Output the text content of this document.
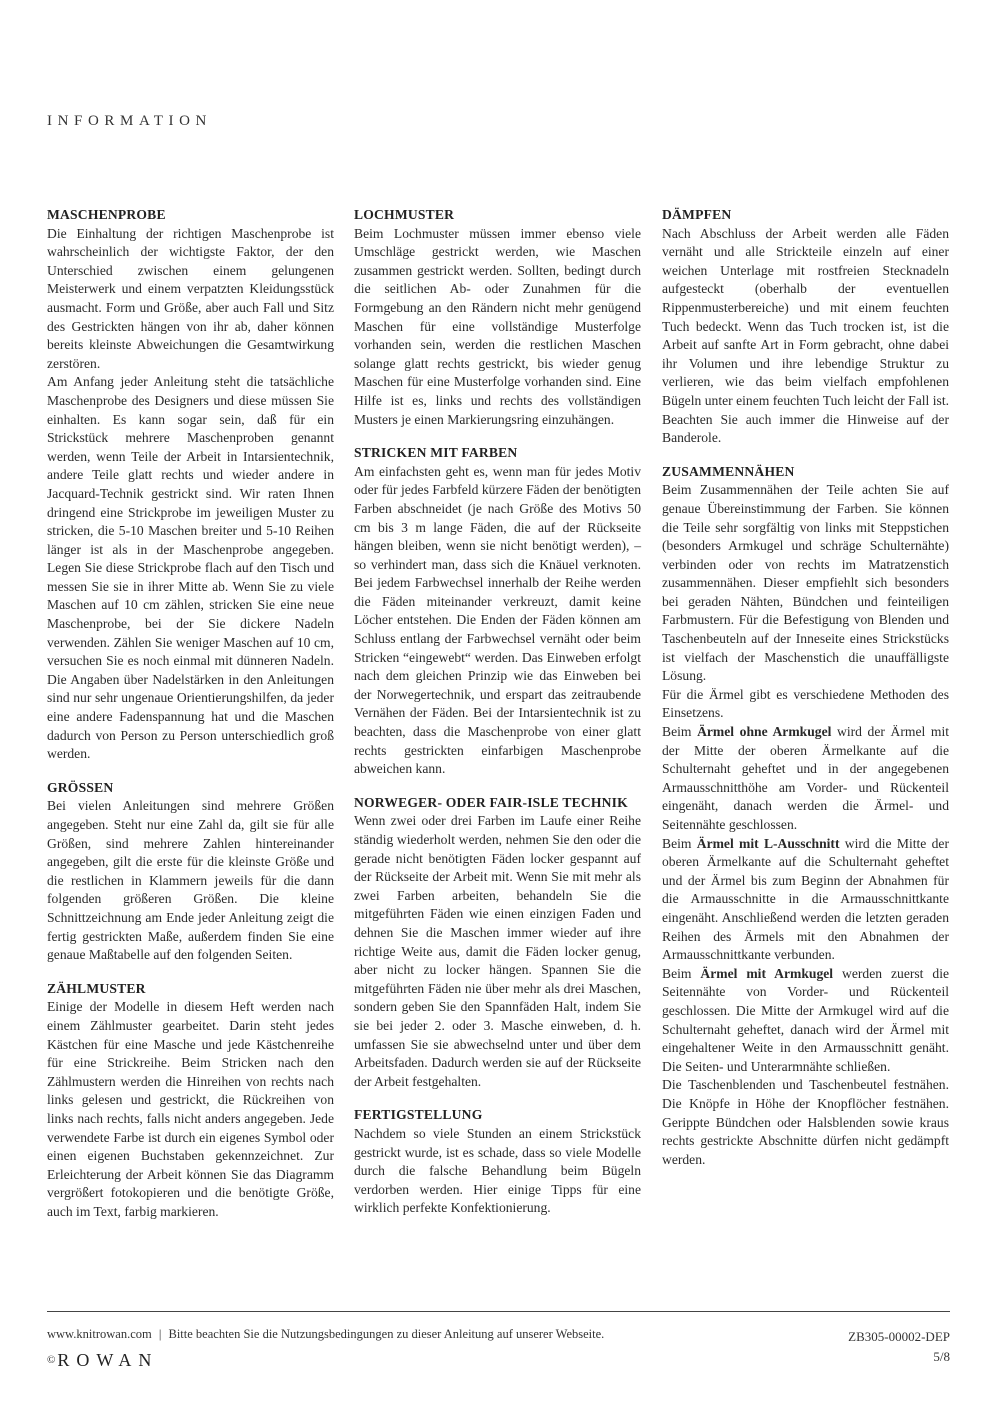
INFORMATION
MASCHENPROBE

Die Einhaltung der richtigen Maschenprobe ist wahrscheinlich der wichtigste Faktor, der den Unterschied zwischen einem gelungenen Meisterwerk und einem verpatzten Kleidungsstück ausmacht. Form und Größe, aber auch Fall und Sitz des Gestrickten hängen von ihr ab, daher können bereits kleinste Abweichungen die Gesamtwirkung zerstören.

Am Anfang jeder Anleitung steht die tatsächliche Maschenprobe des Designers und diese müssen Sie einhalten. Es kann sogar sein, daß für ein Strickstück mehrere Maschenproben genannt werden, wenn Teile der Arbeit in Intarsientechnik, andere Teile glatt rechts und wieder andere in Jacquard-Technik gestrickt sind. Wir raten Ihnen dringend eine Strickprobe im jeweiligen Muster zu stricken, die 5-10 Maschen breiter und 5-10 Reihen länger ist als in der Maschenprobe angegeben. Legen Sie diese Strickprobe flach auf den Tisch und messen Sie sie in ihrer Mitte ab. Wenn Sie zu viele Maschen auf 10 cm zählen, stricken Sie eine neue Maschenprobe, bei der Sie dickere Nadeln verwenden. Zählen Sie weniger Maschen auf 10 cm, versuchen Sie es noch einmal mit dünneren Nadeln. Die Angaben über Nadelstärken in den Anleitungen sind nur sehr ungenaue Orientierungshilfen, da jeder eine andere Fadenspannung hat und die Maschen dadurch von Person zu Person unterschiedlich groß werden.

GRÖSSEN

Bei vielen Anleitungen sind mehrere Größen angegeben. Steht nur eine Zahl da, gilt sie für alle Größen, sind mehrere Zahlen hintereinander angegeben, gilt die erste für die kleinste Größe und die restlichen in Klammern jeweils für die dann folgenden größeren Größen. Die kleine Schnittzeichnung am Ende jeder Anleitung zeigt die fertig gestrickten Maße, außerdem finden Sie eine genaue Maßtabelle auf den folgenden Seiten.

ZÄHLMUSTER

Einige der Modelle in diesem Heft werden nach einem Zählmuster gearbeitet. Darin steht jedes Kästchen für eine Masche und jede Kästchenreihe für eine Strickreihe. Beim Stricken nach den Zählmustern werden die Hinreihen von rechts nach links gelesen und gestrickt, die Rückreihen von links nach rechts, falls nicht anders angegeben. Jede verwendete Farbe ist durch ein eigenes Symbol oder einen eigenen Buchstaben gekennzeichnet. Zur Erleichterung der Arbeit können Sie das Diagramm vergrößert fotokopieren und die benötigte Größe, auch im Text, farbig markieren.

LOCHMUSTER

Beim Lochmuster müssen immer ebenso viele Umschläge gestrickt werden, wie Maschen zusammen gestrickt werden. Sollten, bedingt durch die seitlichen Ab- oder Zunahmen für die Formgebung an den Rändern nicht mehr genügend Maschen für eine vollständige Musterfolge vorhanden sein, werden die restlichen Maschen solange glatt rechts gestrickt, bis wieder genug Maschen für eine Musterfolge vorhanden sind. Eine Hilfe ist es, links und rechts des vollständigen Musters je einen Markierungsring einzuhängen.

STRICKEN MIT FARBEN

Am einfachsten geht es, wenn man für jedes Motiv oder für jedes Farbfeld kürzere Fäden der benötigten Farben abschneidet (je nach Größe des Motivs 50 cm bis 3 m lange Fäden, die auf der Rückseite hängen bleiben, wenn sie nicht benötigt werden), – so verhindert man, dass sich die Knäuel verknoten. Bei jedem Farbwechsel innerhalb der Reihe werden die Fäden miteinander verkreuzt, damit keine Löcher entstehen. Die Enden der Fäden können am Schluss entlang der Farbwechsel vernäht oder beim Stricken “eingewebt“ werden. Das Einweben erfolgt nach dem gleichen Prinzip wie das Einweben bei der Norwegertechnik, und erspart das zeitraubende Vernähen der Fäden. Bei der Intarsientechnik ist zu beachten, dass die Maschenprobe von einer glatt rechts gestrickten einfarbigen Maschenprobe abweichen kann.

NORWEGER- ODER FAIR-ISLE TECHNIK

Wenn zwei oder drei Farben im Laufe einer Reihe ständig wiederholt werden, nehmen Sie den oder die gerade nicht benötigten Fäden locker gespannt auf der Rückseite der Arbeit mit. Wenn Sie mit mehr als zwei Farben arbeiten, behandeln Sie die mitgeführten Fäden wie einen einzigen Faden und dehnen Sie die Maschen immer wieder auf ihre richtige Weite aus, damit die Fäden locker genug, aber nicht zu locker hängen. Spannen Sie die mitgeführten Fäden nie über mehr als drei Maschen, sondern geben Sie den Spannfäden Halt, indem Sie sie bei jeder 2. oder 3. Masche einweben, d. h. umfassen Sie sie abwechselnd unter und über dem Arbeitsfaden. Dadurch werden sie auf der Rückseite der Arbeit festgehalten.

FERTIGSTELLUNG

Nachdem so viele Stunden an einem Strickstück gestrickt wurde, ist es schade, dass so viele Modelle durch die falsche Behandlung beim Bügeln verdorben werden. Hier einige Tipps für eine wirklich perfekte Konfektionierung.

DÄMPFEN

Nach Abschluss der Arbeit werden alle Fäden vernäht und alle Strickteile einzeln auf einer weichen Unterlage mit rostfreien Stecknadeln aufgesteckt (oberhalb der eventuellen Rippenmusterbereiche) und mit einem feuchten Tuch bedeckt. Wenn das Tuch trocken ist, ist die Arbeit auf sanfte Art in Form gebracht, ohne dabei ihr Volumen und ihre lebendige Struktur zu verlieren, wie das beim vielfach empfohlenen Bügeln unter einem feuchten Tuch leicht der Fall ist. Beachten Sie auch immer die Hinweise auf der Banderole.

ZUSAMMENNÄHEN

Beim Zusammennähen der Teile achten Sie auf genaue Übereinstimmung der Farben. Sie können die Teile sehr sorgfältig von links mit Steppstichen (besonders Armkugel und schräge Schulternähte) verbinden oder von rechts im Matratzenstich zusammennähen. Dieser empfiehlt sich besonders bei geraden Nähten, Bündchen und feinteiligen Farbmustern. Für die Befestigung von Blenden und Taschenbeuteln auf der Inneseite eines Strickstücks ist vielfach der Maschenstich die unauffälligste Lösung.

Für die Ärmel gibt es verschiedene Methoden des Einsetzens.

Beim Ärmel ohne Armkugel wird der Ärmel mit der Mitte der oberen Ärmelkante auf die Schulternaht geheftet und in der angegebenen Armausschnitthöhe am Vorder- und Rückenteil eingenäht, danach werden die Ärmel- und Seitennähte geschlossen.

Beim Ärmel mit L-Ausschnitt wird die Mitte der oberen Ärmelkante auf die Schulternaht geheftet und der Ärmel bis zum Beginn der Abnahmen für die Armausschnitte in die Armausschnittkante eingenäht. Anschließend werden die letzten geraden Reihen des Ärmels mit den Abnahmen der Armausschnittkante verbunden.

Beim Ärmel mit Armkugel werden zuerst die Seitennähte von Vorder- und Rückenteil geschlossen. Die Mitte der Armkugel wird auf die Schulternaht geheftet, danach wird der Ärmel mit eingehaltener Weite in den Armausschnitt genäht. Die Seiten- und Unterarmnähte schließen.

Die Taschenblenden und Taschenbeutel festnähen. Die Knöpfe in Höhe der Knopflöcher festnähen. Gerippte Bündchen oder Halsblenden sowie kraus rechts gestrickte Abschnitte dürfen nicht gedämpft werden.

www.knitrowan.com | Bitte beachten Sie die Nutzungsbedingungen zu dieser Anleitung auf unserer Webseite.
© ROWAN
ZB305-00002-DEP
5/8
